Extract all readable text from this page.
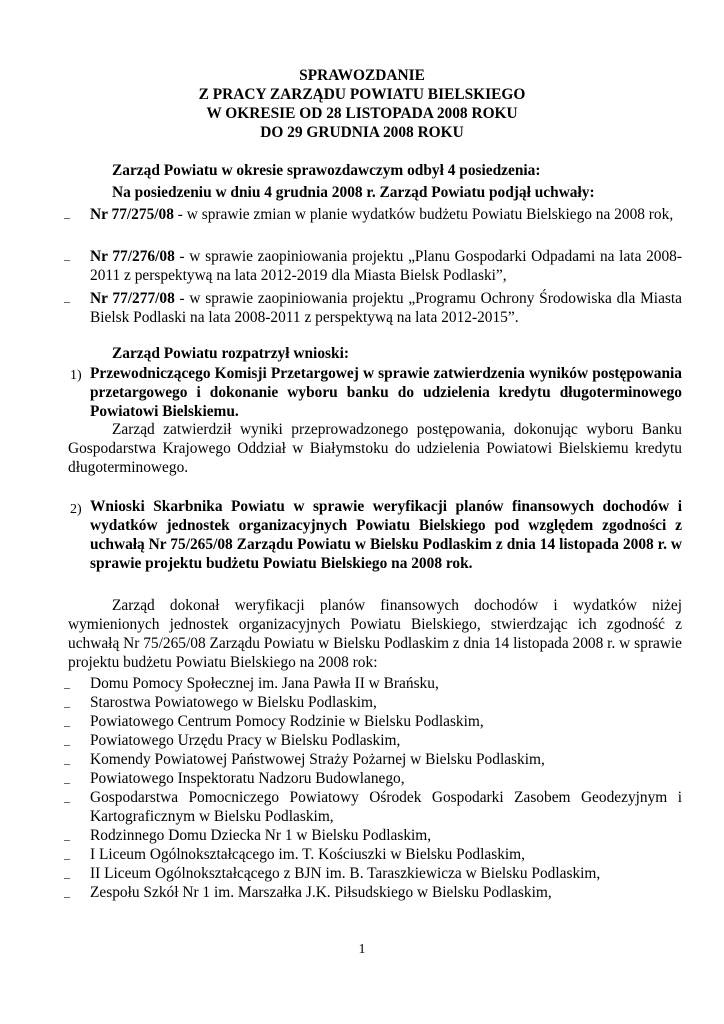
SPRAWOZDANIE
Z PRACY ZARZĄDU POWIATU BIELSKIEGO
W OKRESIE OD 28 LISTOPADA 2008 ROKU
DO 29 GRUDNIA 2008 ROKU
Zarząd Powiatu w okresie sprawozdawczym odbył 4 posiedzenia:
Na posiedzeniu w dniu 4 grudnia 2008 r. Zarząd Powiatu podjął uchwały:
– Nr 77/275/08 - w sprawie zmian w planie wydatków budżetu Powiatu Bielskiego na 2008 rok,
– Nr 77/276/08 - w sprawie zaopiniowania projektu „Planu Gospodarki Odpadami na lata 2008-2011 z perspektywą na lata 2012-2019 dla Miasta Bielsk Podlaski”,
– Nr 77/277/08 - w sprawie zaopiniowania projektu „Programu Ochrony Środowiska dla Miasta Bielsk Podlaski na lata 2008-2011 z perspektywą na lata 2012-2015”.
Zarząd Powiatu rozpatrzył wnioski:
1) Przewodniczącego Komisji Przetargowej w sprawie zatwierdzenia wyników postępowania przetargowego i dokonanie wyboru banku do udzielenia kredytu długoterminowego Powiatowi Bielskiemu.
Zarząd zatwierdził wyniki przeprowadzonego postępowania, dokonując wyboru Banku Gospodarstwa Krajowego Oddział w Białymstoku do udzielenia Powiatowi Bielskiemu kredytu długoterminowego.
2) Wnioski Skarbnika Powiatu w sprawie weryfikacji planów finansowych dochodów i wydatków jednostek organizacyjnych Powiatu Bielskiego pod względem zgodności z uchwałą Nr 75/265/08 Zarządu Powiatu w Bielsku Podlaskim z dnia 14 listopada 2008 r. w sprawie projektu budżetu Powiatu Bielskiego na 2008 rok.
Zarząd dokonał weryfikacji planów finansowych dochodów i wydatków niżej wymienionych jednostek organizacyjnych Powiatu Bielskiego, stwierdzając ich zgodność z uchwałą Nr 75/265/08 Zarządu Powiatu w Bielsku Podlaskim z dnia 14 listopada 2008 r. w sprawie projektu budżetu Powiatu Bielskiego na 2008 rok:
– Domu Pomocy Społecznej im. Jana Pawła II w Brańsku,
– Starostwa Powiatowego w Bielsku Podlaskim,
– Powiatowego Centrum Pomocy Rodzinie w Bielsku Podlaskim,
– Powiatowego Urzędu Pracy w Bielsku Podlaskim,
– Komendy Powiatowej Państwowej Straży Pożarnej w Bielsku Podlaskim,
– Powiatowego Inspektoratu Nadzoru Budowlanego,
– Gospodarstwa Pomocniczego Powiatowy Ośrodek Gospodarki Zasobem Geodezyjnym i Kartograficznym w Bielsku Podlaskim,
– Rodzinnego Domu Dziecka Nr 1 w Bielsku Podlaskim,
– I Liceum Ogólnokształcącego im. T. Kościuszki w Bielsku Podlaskim,
– II Liceum Ogólnokształcącego z BJN im. B. Taraszkiewicza w Bielsku Podlaskim,
– Zespołu Szkół Nr 1 im. Marszałka J.K. Piłsudskiego w Bielsku Podlaskim,
1
